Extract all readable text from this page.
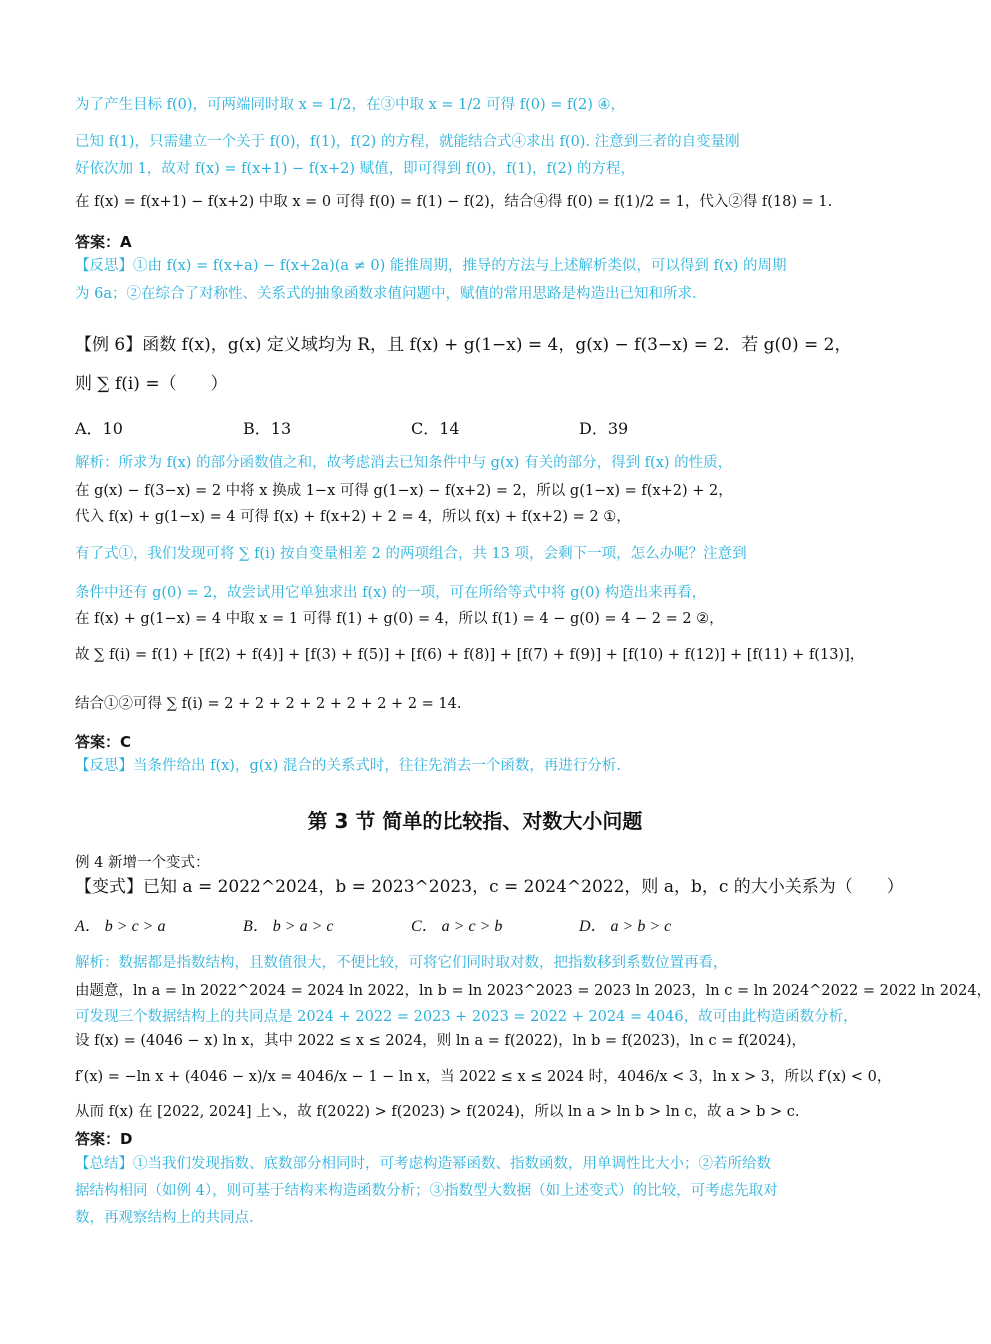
为了产生目标 f(0)，可两端同时取 x = 1/2，在③中取 x = 1/2 可得 f(0) = f(2) ④，
已知 f(1)，只需建立一个关于 f(0)，f(1)，f(2) 的方程，就能结合式④求出 f(0). 注意到三者的自变量刚
好依次加 1，故对 f(x) = f(x+1) − f(x+2) 赋值，即可得到 f(0)，f(1)，f(2) 的方程，
在 f(x) = f(x+1) − f(x+2) 中取 x = 0 可得 f(0) = f(1) − f(2)，结合④得 f(0) = f(1)/2 = 1，代入②得 f(18) = 1.
答案：A
【反思】①由 f(x) = f(x+a) − f(x+2a)(a ≠ 0) 能推周期，推导的方法与上述解析类似，可以得到 f(x) 的周期
为 6a；②在综合了对称性、关系式的抽象函数求值问题中，赋值的常用思路是构造出已知和所求.
【例 6】函数 f(x)，g(x) 定义域均为 R，且 f(x) + g(1−x) = 4，g(x) − f(3−x) = 2．若 g(0) = 2，
则 ∑ f(i) =（　　）
A．10	B．13	C．14	D．39
解析：所求为 f(x) 的部分函数值之和，故考虑消去已知条件中与 g(x) 有关的部分，得到 f(x) 的性质，
在 g(x) − f(3−x) = 2 中将 x 换成 1−x 可得 g(1−x) − f(x+2) = 2，所以 g(1−x) = f(x+2) + 2，
代入 f(x) + g(1−x) = 4 可得 f(x) + f(x+2) + 2 = 4，所以 f(x) + f(x+2) = 2 ①，
有了式①，我们发现可将 ∑ f(i) 按自变量相差 2 的两项组合，共 13 项，会剩下一项，怎么办呢？注意到
条件中还有 g(0) = 2，故尝试用它单独求出 f(x) 的一项，可在所给等式中将 g(0) 构造出来再看，
在 f(x) + g(1−x) = 4 中取 x = 1 可得 f(1) + g(0) = 4，所以 f(1) = 4 − g(0) = 4 − 2 = 2 ②，
故 ∑ f(i) = f(1) + [f(2) + f(4)] + [f(3) + f(5)] + [f(6) + f(8)] + [f(7) + f(9)] + [f(10) + f(12)] + [f(11) + f(13)]，
结合①②可得 ∑ f(i) = 2 + 2 + 2 + 2 + 2 + 2 + 2 = 14.
答案：C
【反思】当条件给出 f(x)，g(x) 混合的关系式时，往往先消去一个函数，再进行分析.
第 3 节 简单的比较指、对数大小问题
例 4 新增一个变式：
【变式】已知 a = 2022^2024，b = 2023^2023，c = 2024^2022，则 a，b，c 的大小关系为（　　）
A． b > c > a	B． b > a > c	C． a > c > b	D． a > b > c
解析：数据都是指数结构，且数值很大，不便比较，可将它们同时取对数，把指数移到系数位置再看，
由题意，ln a = ln 2022^2024 = 2024 ln 2022，ln b = ln 2023^2023 = 2023 ln 2023，ln c = ln 2024^2022 = 2022 ln 2024，
可发现三个数据结构上的共同点是 2024 + 2022 = 2023 + 2023 = 2022 + 2024 = 4046，故可由此构造函数分析，
设 f(x) = (4046 − x) ln x，其中 2022 ≤ x ≤ 2024，则 ln a = f(2022)，ln b = f(2023)，ln c = f(2024)，
f′(x) = −ln x + (4046 − x)/x = 4046/x − 1 − ln x，当 2022 ≤ x ≤ 2024 时，4046/x < 3，ln x > 3，所以 f′(x) < 0，
从而 f(x) 在 [2022, 2024] 上↘，故 f(2022) > f(2023) > f(2024)，所以 ln a > ln b > ln c，故 a > b > c.
答案：D
【总结】①当我们发现指数、底数部分相同时，可考虑构造幂函数、指数函数，用单调性比大小；②若所给数
据结构相同（如例 4），则可基于结构来构造函数分析；③指数型大数据（如上述变式）的比较，可考虑先取对
数，再观察结构上的共同点.
